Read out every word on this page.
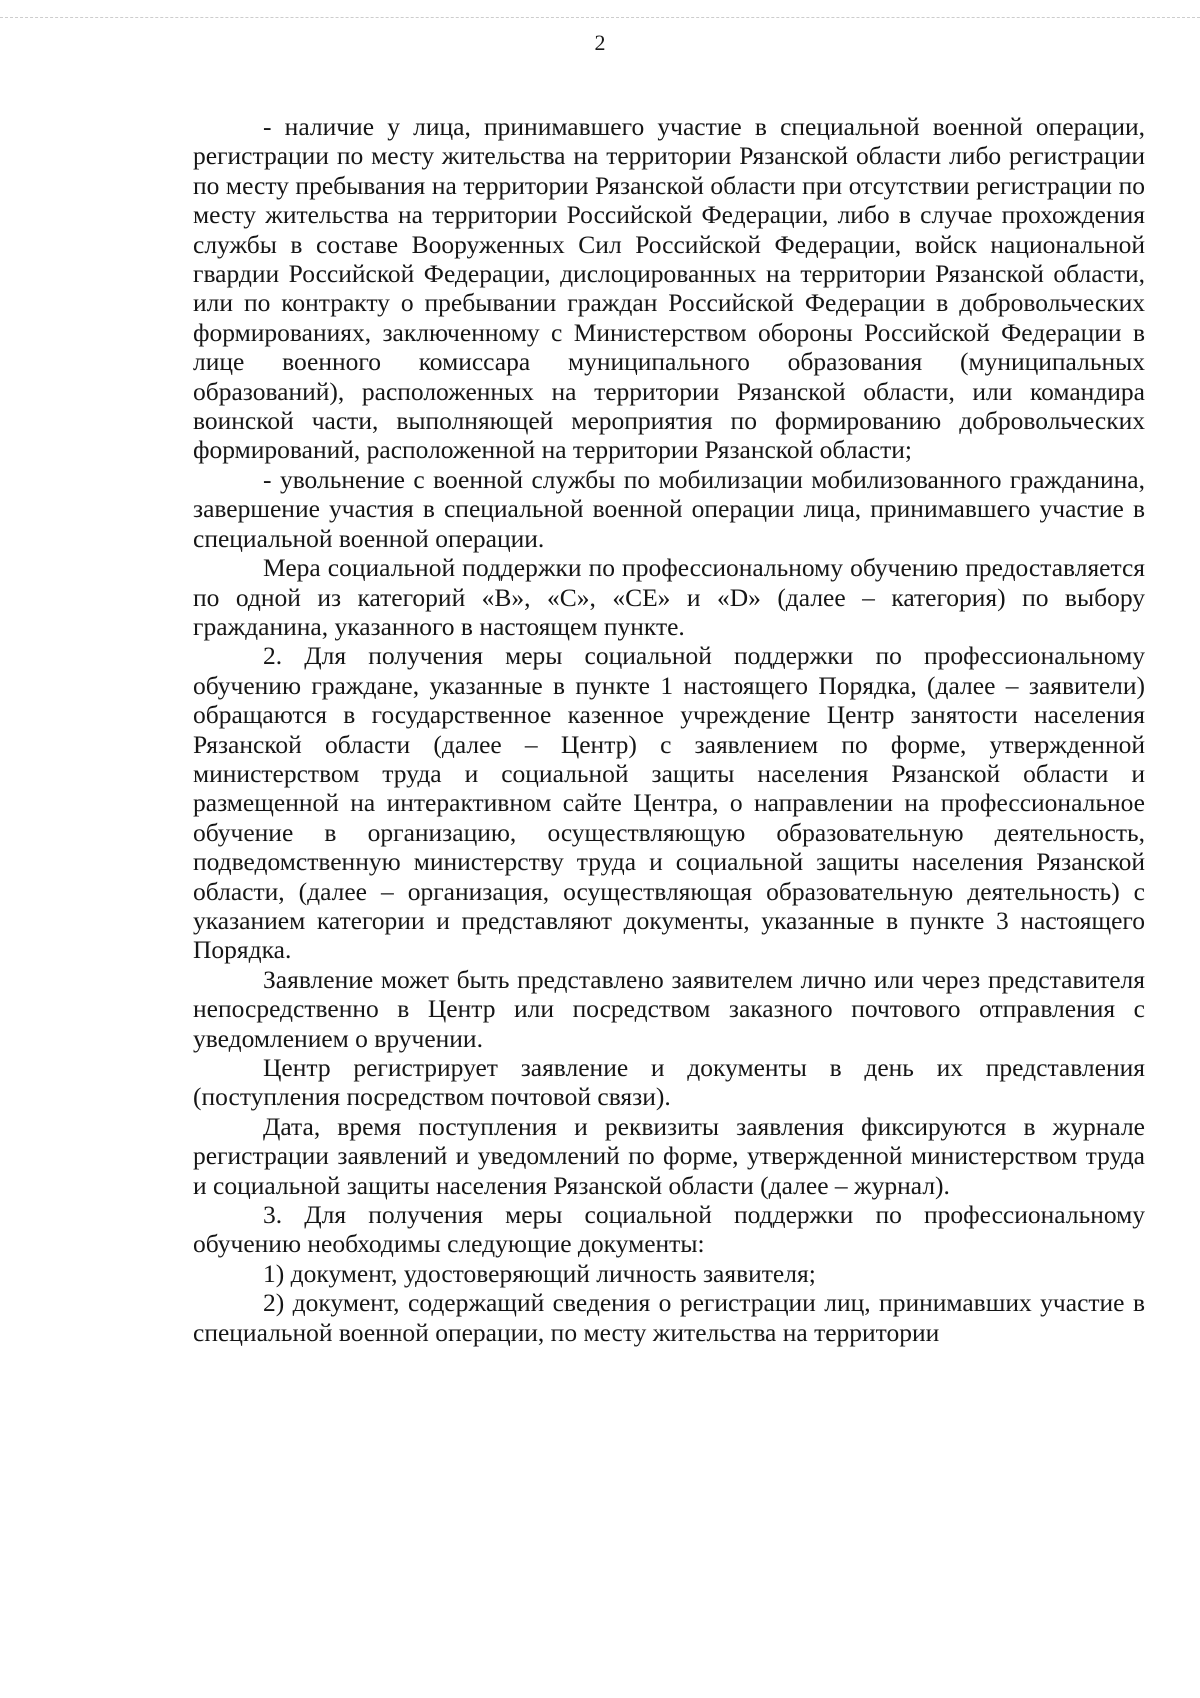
2

- наличие у лица, принимавшего участие в специальной военной операции, регистрации по месту жительства на территории Рязанской области либо регистрации по месту пребывания на территории Рязанской области при отсутствии регистрации по месту жительства на территории Российской Федерации, либо в случае прохождения службы в составе Вооруженных Сил Российской Федерации, войск национальной гвардии Российской Федерации, дислоцированных на территории Рязанской области, или по контракту о пребывании граждан Российской Федерации в добровольческих формированиях, заключенному с Министерством обороны Российской Федерации в лице военного комиссара муниципального образования (муниципальных образований), расположенных на территории Рязанской области, или командира воинской части, выполняющей мероприятия по формированию добровольческих формирований, расположенной на территории Рязанской области;

- увольнение с военной службы по мобилизации мобилизованного гражданина, завершение участия в специальной военной операции лица, принимавшего участие в специальной военной операции.

Мера социальной поддержки по профессиональному обучению предоставляется по одной из категорий «В», «С», «СЕ» и «D» (далее – категория) по выбору гражданина, указанного в настоящем пункте.

2. Для получения меры социальной поддержки по профессиональному обучению граждане, указанные в пункте 1 настоящего Порядка, (далее – заявители) обращаются в государственное казенное учреждение Центр занятости населения Рязанской области (далее – Центр) с заявлением по форме, утвержденной министерством труда и социальной защиты населения Рязанской области и размещенной на интерактивном сайте Центра, о направлении на профессиональное обучение в организацию, осуществляющую образовательную деятельность, подведомственную министерству труда и социальной защиты населения Рязанской области, (далее – организация, осуществляющая образовательную деятельность) с указанием категории и представляют документы, указанные в пункте 3 настоящего Порядка.

Заявление может быть представлено заявителем лично или через представителя непосредственно в Центр или посредством заказного почтового отправления с уведомлением о вручении.

Центр регистрирует заявление и документы в день их представления (поступления посредством почтовой связи).

Дата, время поступления и реквизиты заявления фиксируются в журнале регистрации заявлений и уведомлений по форме, утвержденной министерством труда и социальной защиты населения Рязанской области (далее – журнал).

3. Для получения меры социальной поддержки по профессиональному обучению необходимы следующие документы:

1) документ, удостоверяющий личность заявителя;

2) документ, содержащий сведения о регистрации лиц, принимавших участие в специальной военной операции, по месту жительства на территории
